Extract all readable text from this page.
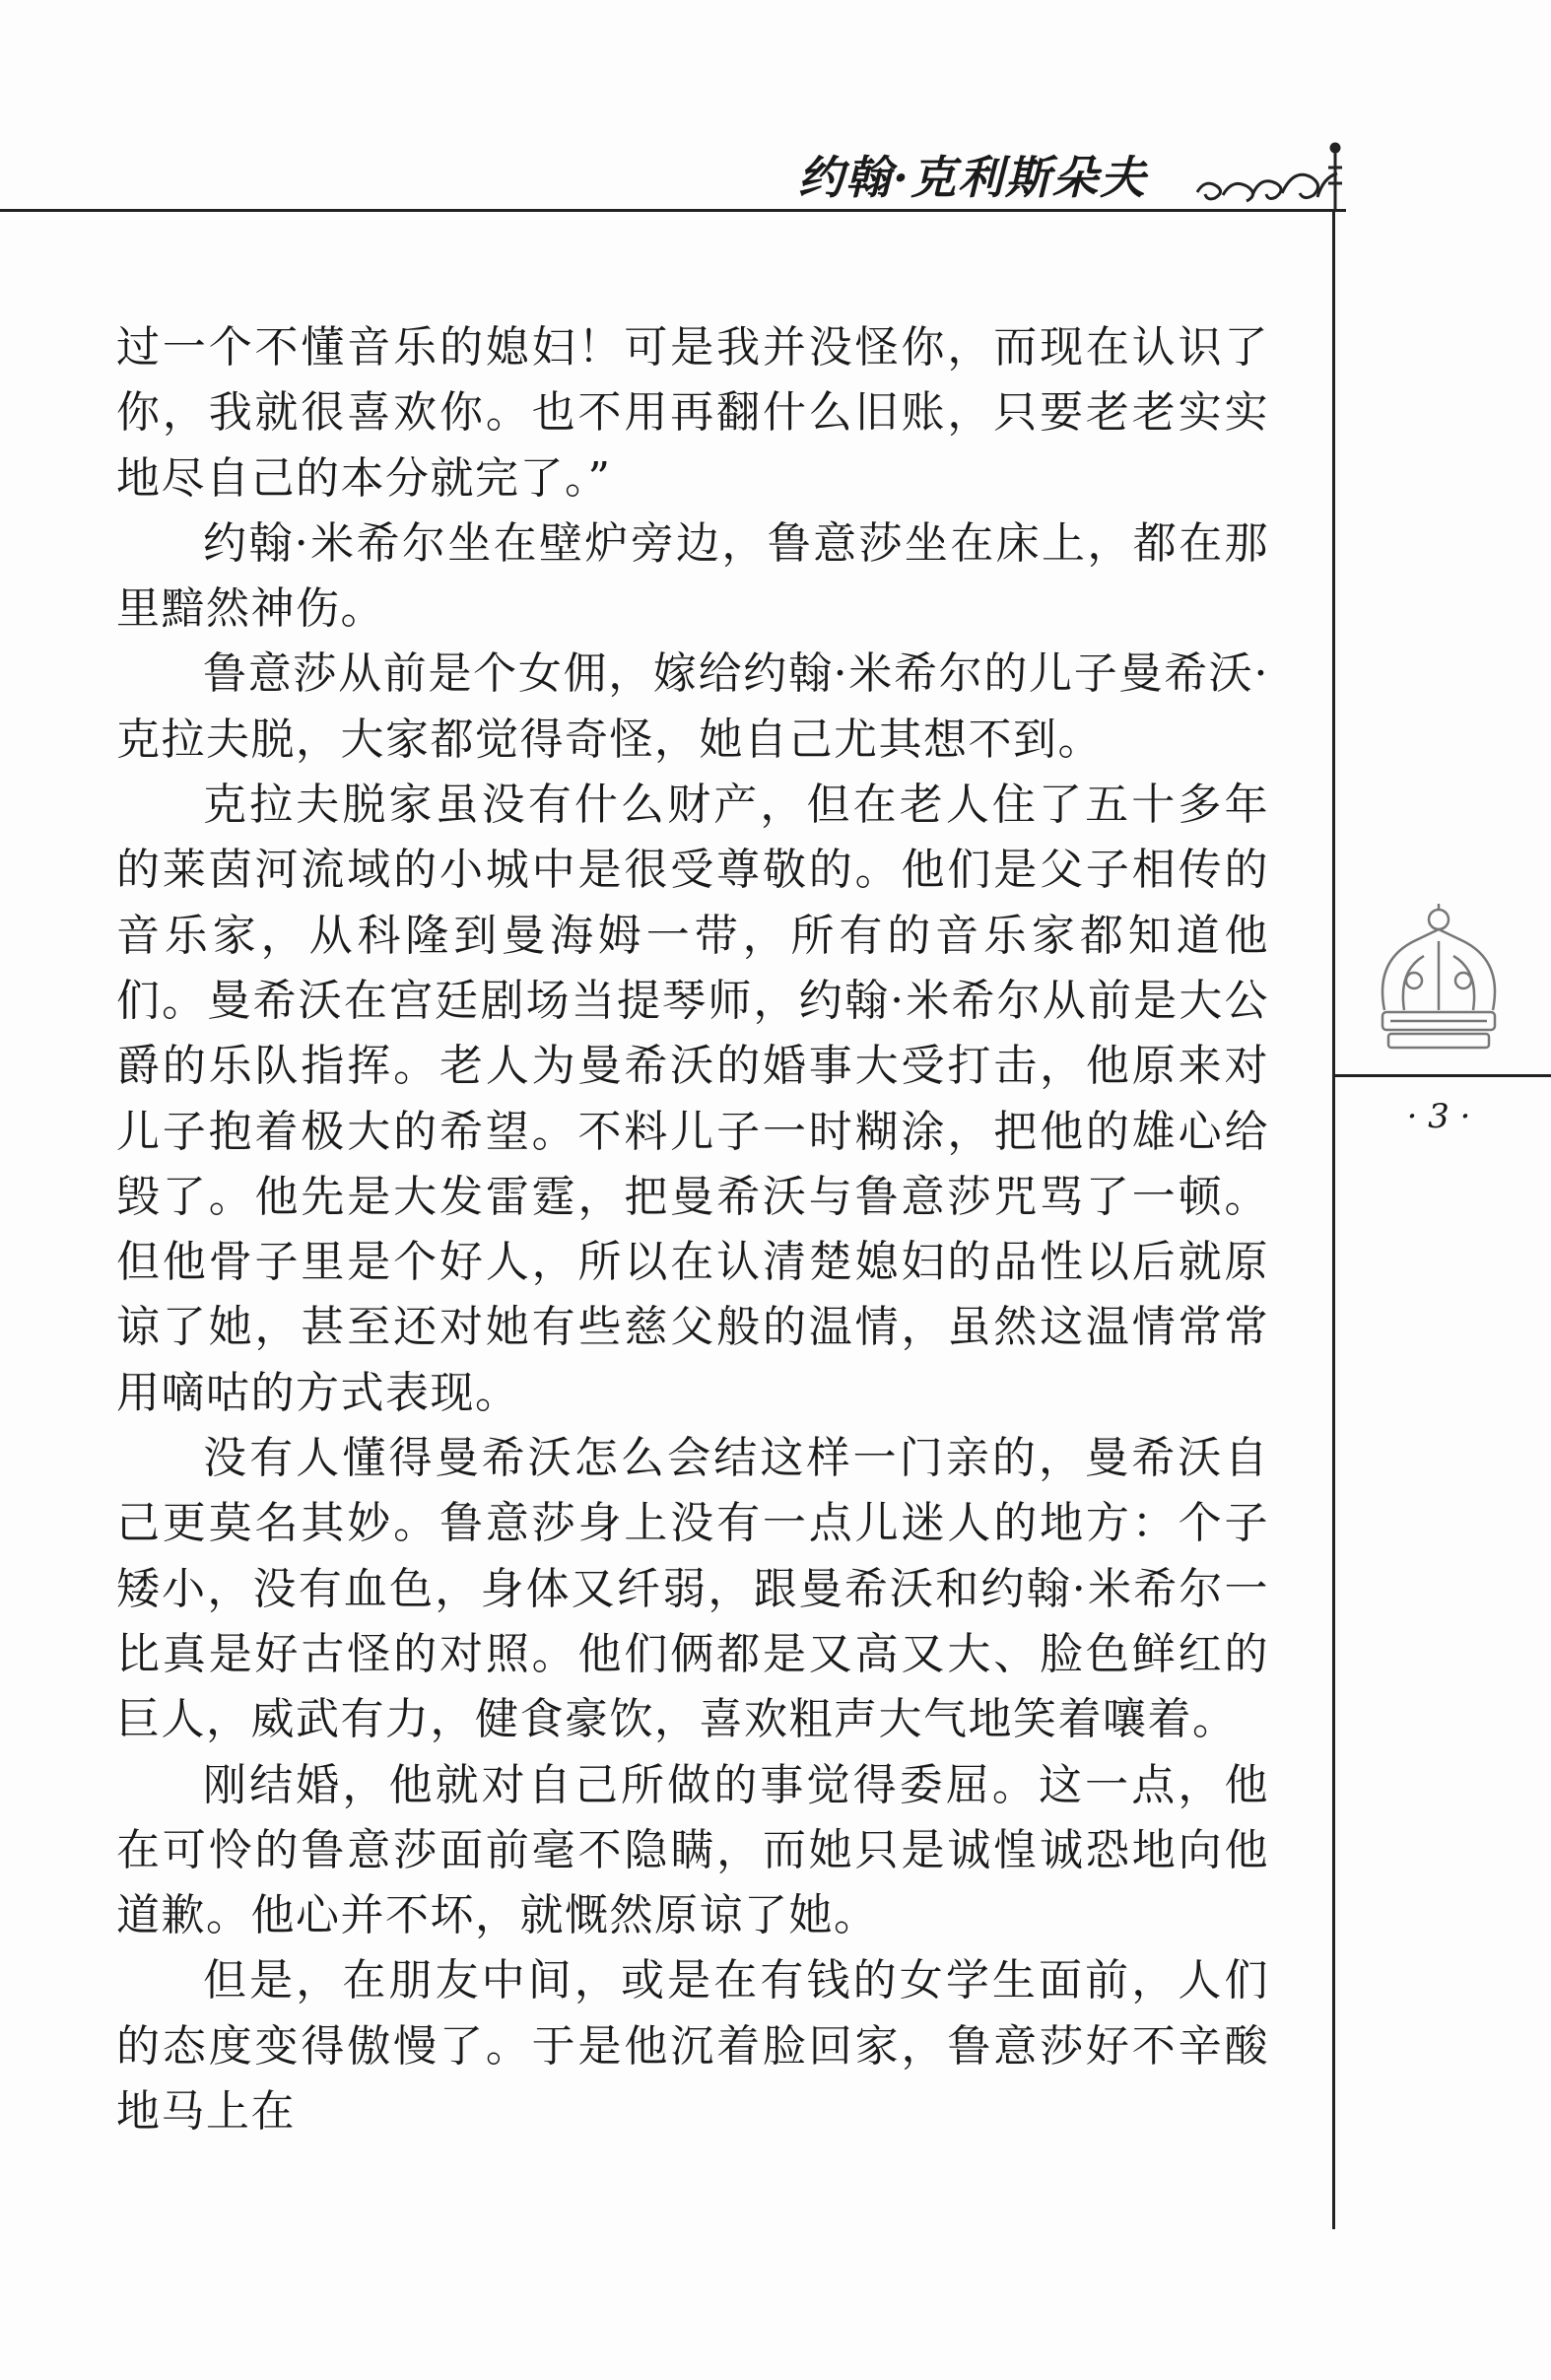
约翰·克利斯朵夫
· 3 ·

过一个不懂音乐的媳妇！可是我并没怪你，而现在认识了你，我就很喜欢你。也不用再翻什么旧账，只要老老实实地尽自己的本分就完了。”

约翰·米希尔坐在壁炉旁边，鲁意莎坐在床上，都在那里黯然神伤。

鲁意莎从前是个女佣，嫁给约翰·米希尔的儿子曼希沃·克拉夫脱，大家都觉得奇怪，她自己尤其想不到。

克拉夫脱家虽没有什么财产，但在老人住了五十多年的莱茵河流域的小城中是很受尊敬的。他们是父子相传的音乐家，从科隆到曼海姆一带，所有的音乐家都知道他们。曼希沃在宫廷剧场当提琴师，约翰·米希尔从前是大公爵的乐队指挥。老人为曼希沃的婚事大受打击，他原来对儿子抱着极大的希望。不料儿子一时糊涂，把他的雄心给毁了。他先是大发雷霆，把曼希沃与鲁意莎咒骂了一顿。但他骨子里是个好人，所以在认清楚媳妇的品性以后就原谅了她，甚至还对她有些慈父般的温情，虽然这温情常常用嘀咕的方式表现。

没有人懂得曼希沃怎么会结这样一门亲的，曼希沃自己更莫名其妙。鲁意莎身上没有一点儿迷人的地方：个子矮小，没有血色，身体又纤弱，跟曼希沃和约翰·米希尔一比真是好古怪的对照。他们俩都是又高又大、脸色鲜红的巨人，威武有力，健食豪饮，喜欢粗声大气地笑着嚷着。

刚结婚，他就对自己所做的事觉得委屈。这一点，他在可怜的鲁意莎面前毫不隐瞒，而她只是诚惶诚恐地向他道歉。他心并不坏，就慨然原谅了她。

但是，在朋友中间，或是在有钱的女学生面前，人们的态度变得傲慢了。于是他沉着脸回家，鲁意莎好不辛酸地马上在
